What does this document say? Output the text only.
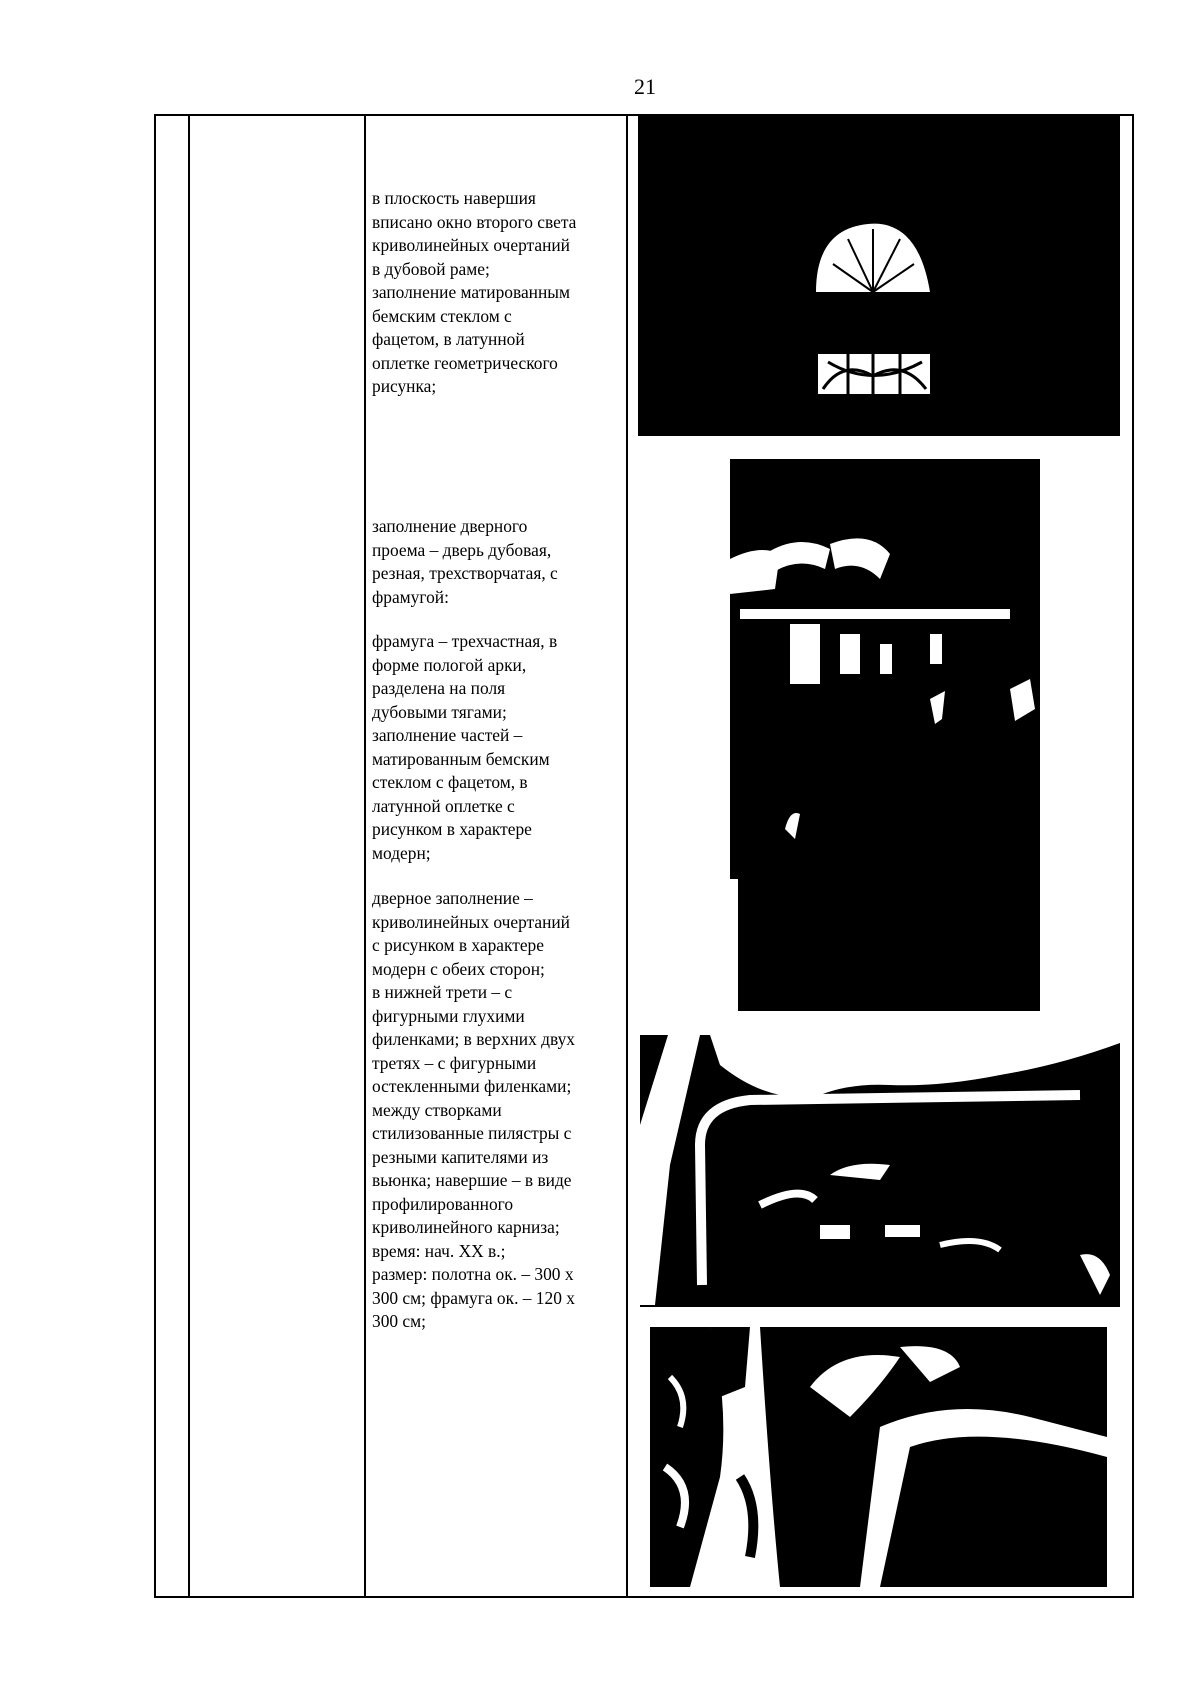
21

в плоскость навершия
вписано окно второго света
криволинейных очертаний
в дубовой раме;
заполнение матированным
бемским стеклом с
фацетом, в латунной
оплетке геометрического
рисунка;

заполнение дверного
проема – дверь дубовая,
резная, трехстворчатая, с
фрамугой:

фрамуга – трехчастная, в
форме пологой арки,
разделена на поля
дубовыми тягами;
заполнение частей –
матированным бемским
стеклом с фацетом, в
латунной оплетке с
рисунком в характере
модерн;

дверное заполнение –
криволинейных очертаний
с рисунком в характере
модерн с обеих сторон;
в нижней трети – с
фигурными глухими
филенками; в верхних двух
третях – с фигурными
остекленными филенками;
между створками
стилизованные пилястры с
резными капителями из
вьюнка; навершие – в виде
профилированного
криволинейного карниза;
время: нач. XX в.;
размер: полотна ок. – 300 х
300 см; фрамуга ок. – 120 х
300 см;
